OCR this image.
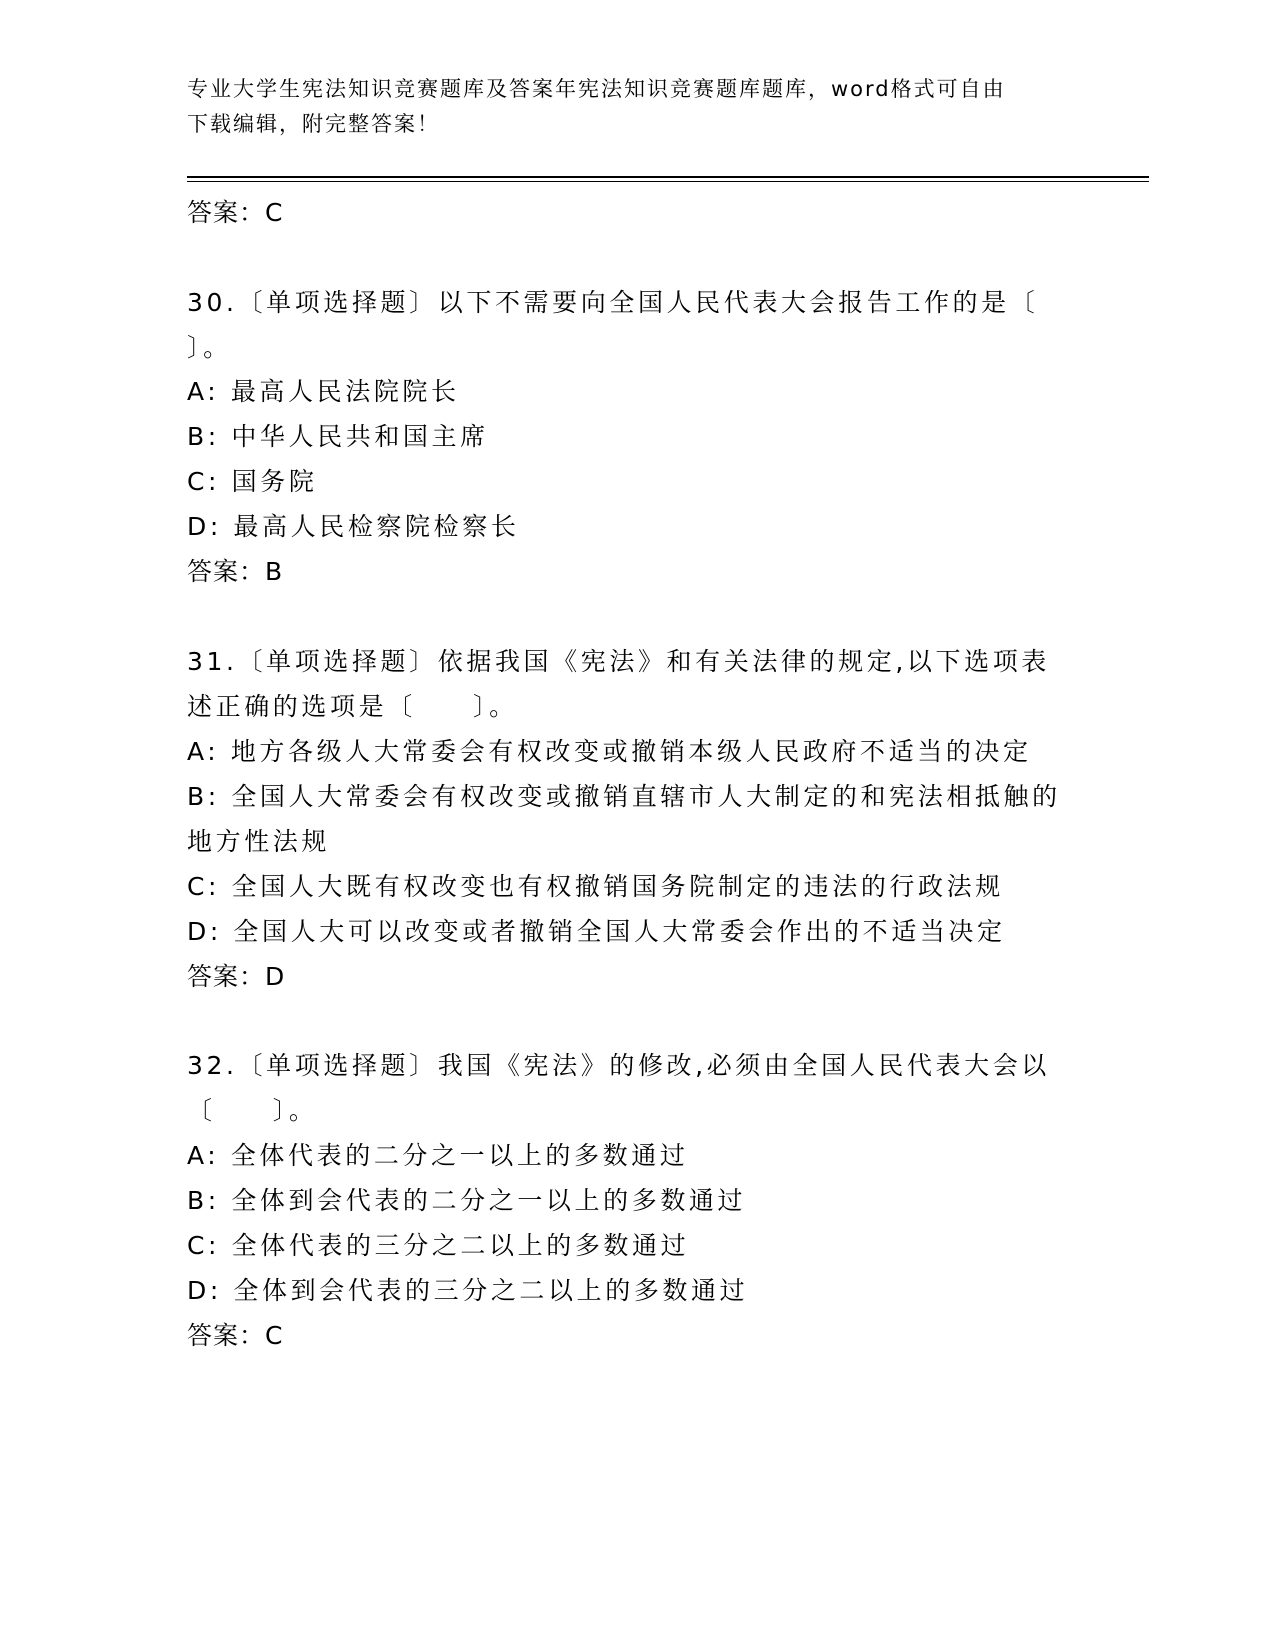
专业大学生宪法知识竞赛题库及答案年宪法知识竞赛题库题库，word格式可自由
下载编辑，附完整答案！
答案：C
30.〔单项选择题〕以下不需要向全国人民代表大会报告工作的是〔
〕。
A: 最高人民法院院长
B: 中华人民共和国主席
C: 国务院
D: 最高人民检察院检察长
答案：B
31.〔单项选择题〕依据我国《宪法》和有关法律的规定,以下选项表
述正确的选项是〔　　〕。
A: 地方各级人大常委会有权改变或撤销本级人民政府不适当的决定
B: 全国人大常委会有权改变或撤销直辖市人大制定的和宪法相抵触的
地方性法规
C: 全国人大既有权改变也有权撤销国务院制定的违法的行政法规
D: 全国人大可以改变或者撤销全国人大常委会作出的不适当决定
答案：D
32.〔单项选择题〕我国《宪法》的修改,必须由全国人民代表大会以
〔　　〕。
A: 全体代表的二分之一以上的多数通过
B: 全体到会代表的二分之一以上的多数通过
C: 全体代表的三分之二以上的多数通过
D: 全体到会代表的三分之二以上的多数通过
答案：C
